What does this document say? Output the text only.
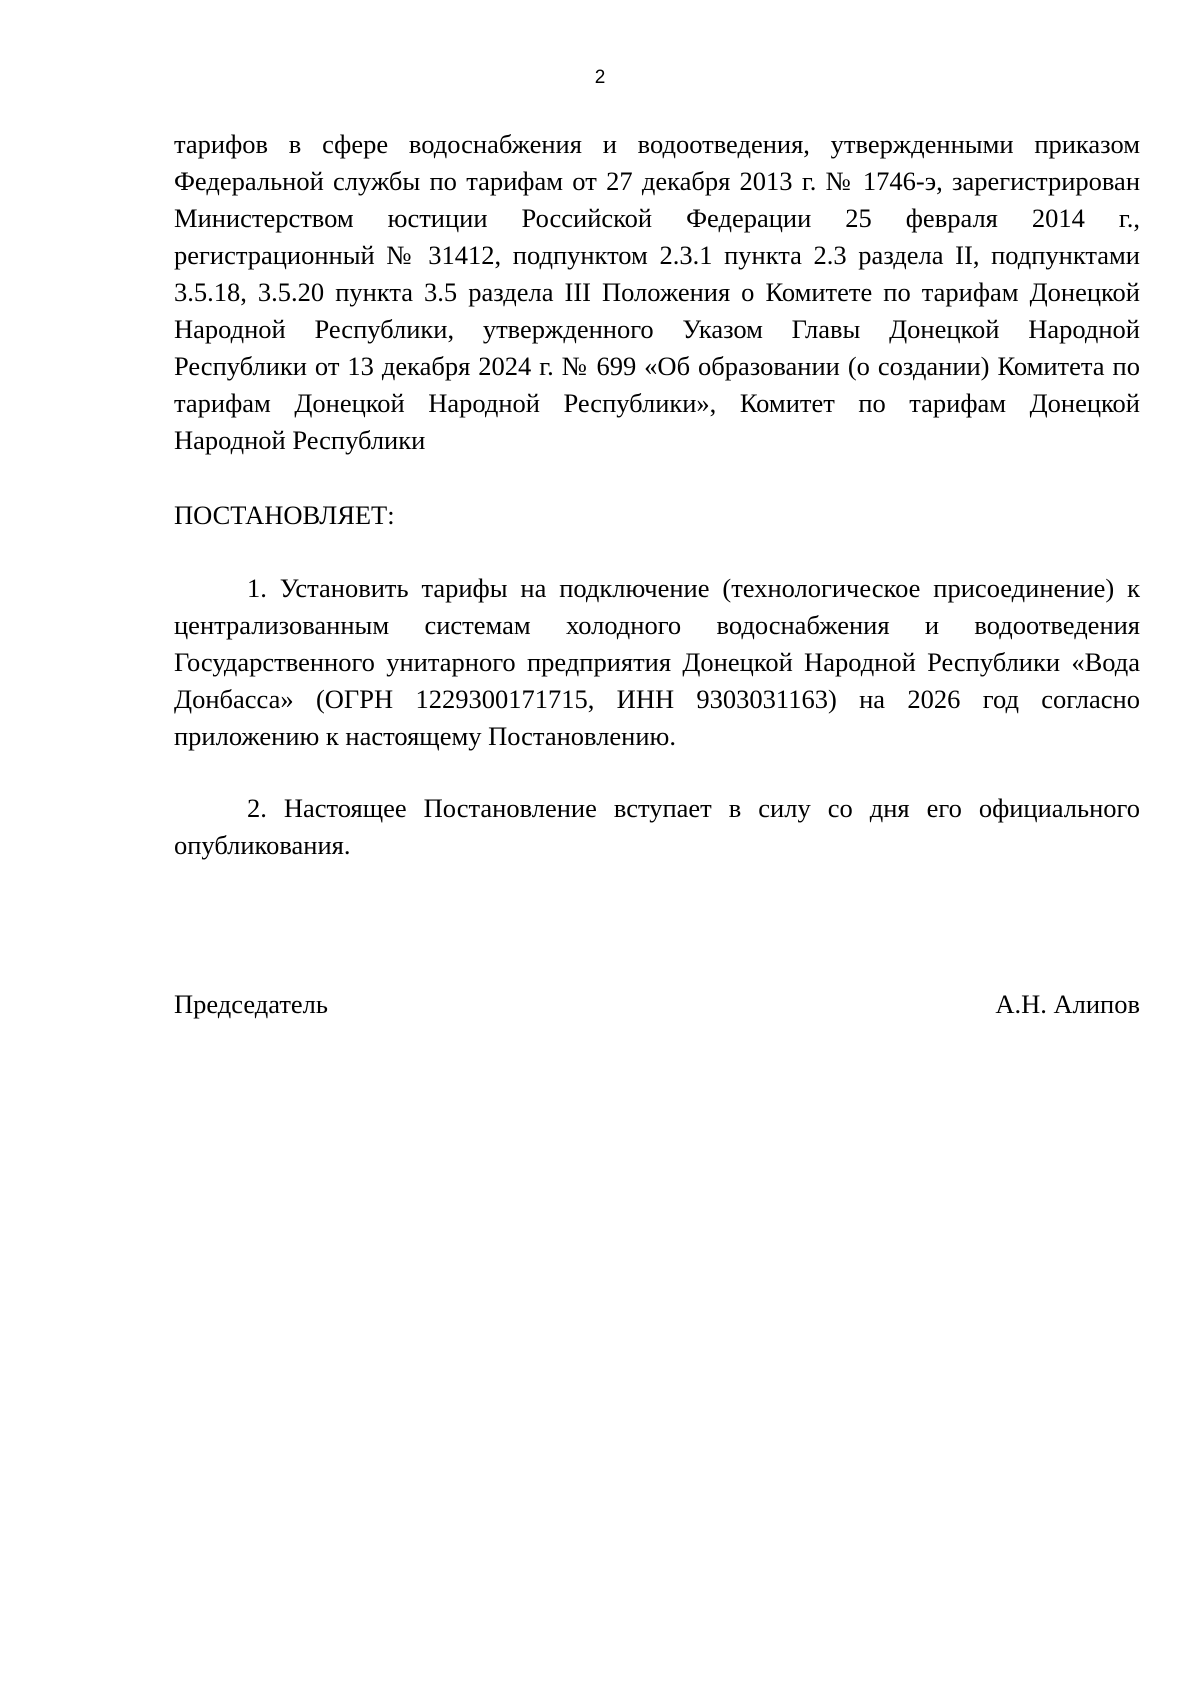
2

тарифов в сфере водоснабжения и водоотведения, утвержденными приказом Федеральной службы по тарифам от 27 декабря 2013 г. № 1746-э, зарегистрирован Министерством юстиции Российской Федерации 25 февраля 2014 г., регистрационный № 31412, подпунктом 2.3.1 пункта 2.3 раздела II, подпунктами 3.5.18, 3.5.20 пункта 3.5 раздела III Положения о Комитете по тарифам Донецкой Народной Республики, утвержденного Указом Главы Донецкой Народной Республики от 13 декабря 2024 г. № 699 «Об образовании (о создании) Комитета по тарифам Донецкой Народной Республики», Комитет по тарифам Донецкой Народной Республики

ПОСТАНОВЛЯЕТ:

1. Установить тарифы на подключение (технологическое присоединение) к централизованным системам холодного водоснабжения и водоотведения Государственного унитарного предприятия Донецкой Народной Республики «Вода Донбасса» (ОГРН 1229300171715, ИНН 9303031163) на 2026 год согласно приложению к настоящему Постановлению.

2. Настоящее Постановление вступает в силу со дня его официального опубликования.

Председатель	А.Н. Алипов
